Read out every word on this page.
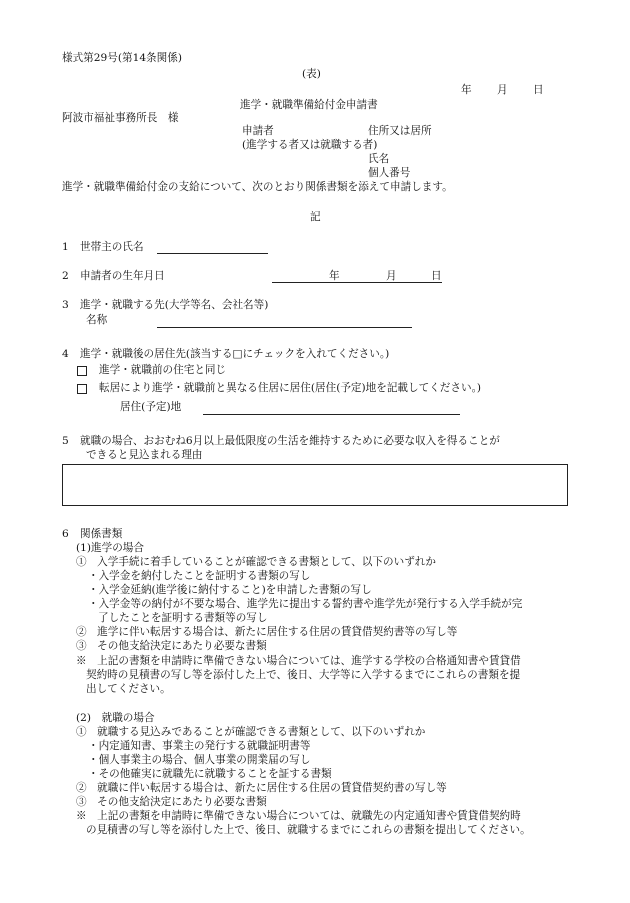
様式第29号(第14条関係)
(表)
年 月 日
進学・就職準備給付金申請書
阿波市福祉事務所長　様
申請者	住所又は居所
(進学する者又は就職する者)
氏名
個人番号
進学・就職準備給付金の支給について、次のとおり関係書類を添えて申請します。
記
1 世帯主の氏名
2 申請者の生年月日	年	月	日
3 進学・就職する先(大学等名、会社名等)
名称
4 進学・就職後の居住先(該当する□にチェックを入れてください。)
進学・就職前の住宅と同じ
転居により進学・就職前と異なる住居に居住(居住(予定)地を記載してください。)
居住(予定)地
5 就職の場合、おおむね6月以上最低限度の生活を維持するために必要な収入を得ることが
できると見込まれる理由
6 関係書類
(1)進学の場合
①　入学手続に着手していることが確認できる書類として、以下のいずれか
・入学金を納付したことを証明する書類の写し
・入学金延納(進学後に納付すること)を申請した書類の写し
・入学金等の納付が不要な場合、進学先に提出する誓約書や進学先が発行する入学手続が完
了したことを証明する書類等の写し
②　進学に伴い転居する場合は、新たに居住する住居の賃貸借契約書等の写し等
③　その他支給決定にあたり必要な書類
※　上記の書類を申請時に準備できない場合については、進学する学校の合格通知書や賃貸借
契約時の見積書の写し等を添付した上で、後日、大学等に入学するまでにこれらの書類を提
出してください。
(2)　就職の場合
①　就職する見込みであることが確認できる書類として、以下のいずれか
・内定通知書、事業主の発行する就職証明書等
・個人事業主の場合、個人事業の開業届の写し
・その他確実に就職先に就職することを証する書類
②　就職に伴い転居する場合は、新たに居住する住居の賃貸借契約書の写し等
③　その他支給決定にあたり必要な書類
※　上記の書類を申請時に準備できない場合については、就職先の内定通知書や賃貸借契約時
の見積書の写し等を添付した上で、後日、就職するまでにこれらの書類を提出してください。
